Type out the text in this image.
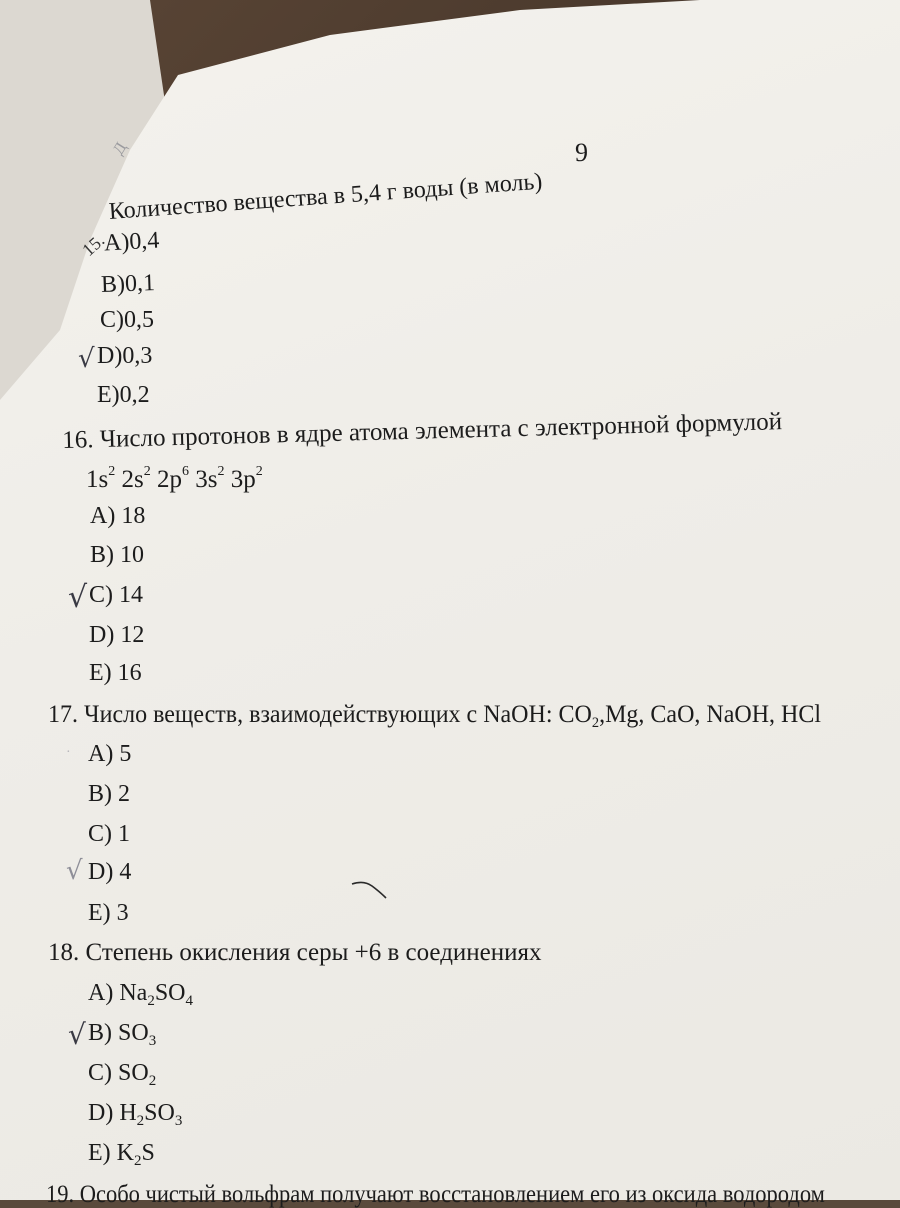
Д	9
15.
Количество вещества в 5,4 г воды (в моль)
A)0,4
B)0,1
C)0,5
√ D)0,3
E)0,2
16. Число протонов в ядре атома элемента с электронной формулой
$1s^2$ $2s^2$ $2p^6$ $3s^2$ $3p^2$
A) 18
B) 10
√ C) 14
D) 12
E) 16
17. Число веществ, взаимодействующих с NaOH: $CO_2,Mg$, CaO, NaOH, HCl
· A) 5
B) 2
C) 1
√ D) 4
E) 3
18. Степень окисления серы +6 в соединениях
A) $Na_2SO_4$
√ B) $SO_3$
C) $SO_2$
D) $H_2SO_3$
E) $K_2S$
19. Особо чистый вольфрам получают восстановлением его из оксида водородом
